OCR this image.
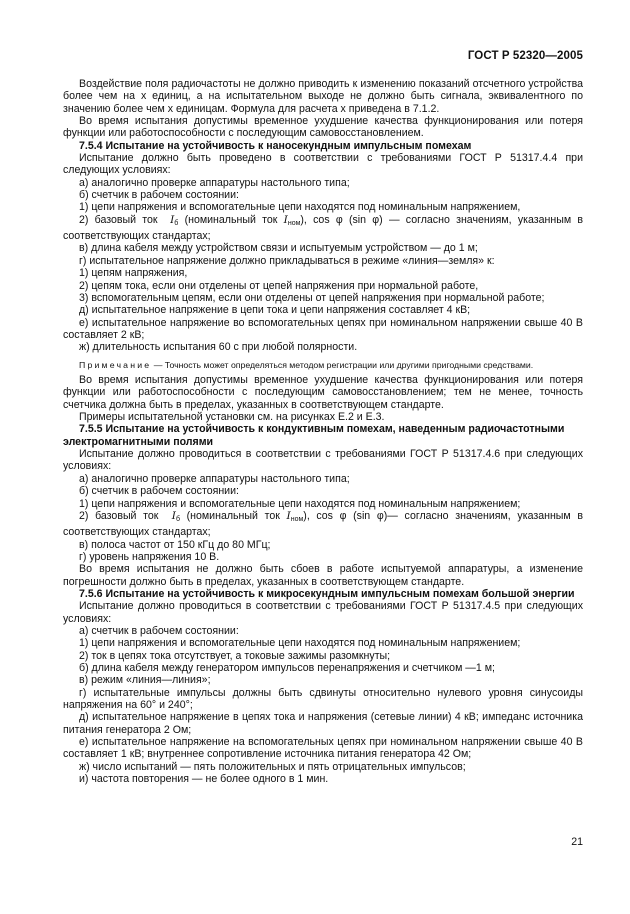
ГОСТ Р 52320—2005

Воздействие поля радиочастоты не должно приводить к изменению показаний отсчетного устройства более чем на x единиц, а на испытательном выходе не должно быть сигнала, эквивалентного по значению более чем x единицам. Формула для расчета x приведена в 7.1.2.

Во время испытания допустимы временное ухудшение качества функционирования или потеря функции или работоспособности с последующим самовосстановлением.

7.5.4 Испытание на устойчивость к наносекундным импульсным помехам

Испытание должно быть проведено в соответствии с требованиями ГОСТ Р 51317.4.4 при следующих условиях:

а) аналогично проверке аппаратуры настольного типа;

б) счетчик в рабочем состоянии:

1) цепи напряжения и вспомогательные цепи находятся под номинальным напряжением,

2) базовый ток $I_б$ (номинальный ток $I_{ном}$), cos φ (sin φ) — согласно значениям, указанным в соответствующих стандартах;

в) длина кабеля между устройством связи и испытуемым устройством — до 1 м;

г) испытательное напряжение должно прикладываться в режиме «линия—земля» к:

1) цепям напряжения,

2) цепям тока, если они отделены от цепей напряжения при нормальной работе,

3) вспомогательным цепям, если они отделены от цепей напряжения при нормальной работе;

д) испытательное напряжение в цепи тока и цепи напряжения составляет 4 кВ;

е) испытательное напряжение во вспомогательных цепях при номинальном напряжении свыше 40 В составляет 2 кВ;

ж) длительность испытания 60 с при любой полярности.

Примечание — Точность может определяться методом регистрации или другими пригодными средствами.

Во время испытания допустимы временное ухудшение качества функционирования или потеря функции или работоспособности с последующим самовосстановлением; тем не менее, точность счетчика должна быть в пределах, указанных в соответствующем стандарте.

Примеры испытательной установки см. на рисунках Е.2 и Е.3.

7.5.5 Испытание на устойчивость к кондуктивным помехам, наведенным радиочастотными электромагнитными полями

Испытание должно проводиться в соответствии с требованиями ГОСТ Р 51317.4.6 при следующих условиях:

а) аналогично проверке аппаратуры настольного типа;

б) счетчик в рабочем состоянии:

1) цепи напряжения и вспомогательные цепи находятся под номинальным напряжением;

2) базовый ток $I_б$ (номинальный ток $I_{ном}$), cos φ (sin φ)— согласно значениям, указанным в соответствующих стандартах;

в) полоса частот от 150 кГц до 80 МГц;

г) уровень напряжения 10 В.

Во время испытания не должно быть сбоев в работе испытуемой аппаратуры, а изменение погрешности должно быть в пределах, указанных в соответствующем стандарте.

7.5.6 Испытание на устойчивость к микросекундным импульсным помехам большой энергии

Испытание должно проводиться в соответствии с требованиями ГОСТ Р 51317.4.5 при следующих условиях:

а) счетчик в рабочем состоянии:

1) цепи напряжения и вспомогательные цепи находятся под номинальным напряжением;

2) ток в цепях тока отсутствует, а токовые зажимы разомкнуты;

б) длина кабеля между генератором импульсов перенапряжения и счетчиком —1 м;

в) режим «линия—линия»;

г) испытательные импульсы должны быть сдвинуты относительно нулевого уровня синусоиды напряжения на 60° и 240°;

д) испытательное напряжение в цепях тока и напряжения (сетевые линии) 4 кВ; импеданс источника питания генератора 2 Ом;

е) испытательное напряжение на вспомогательных цепях при номинальном напряжении свыше 40 В составляет 1 кВ; внутреннее сопротивление источника питания генератора 42 Ом;

ж) число испытаний — пять положительных и пять отрицательных импульсов;

и) частота повторения — не более одного в 1 мин.

21
